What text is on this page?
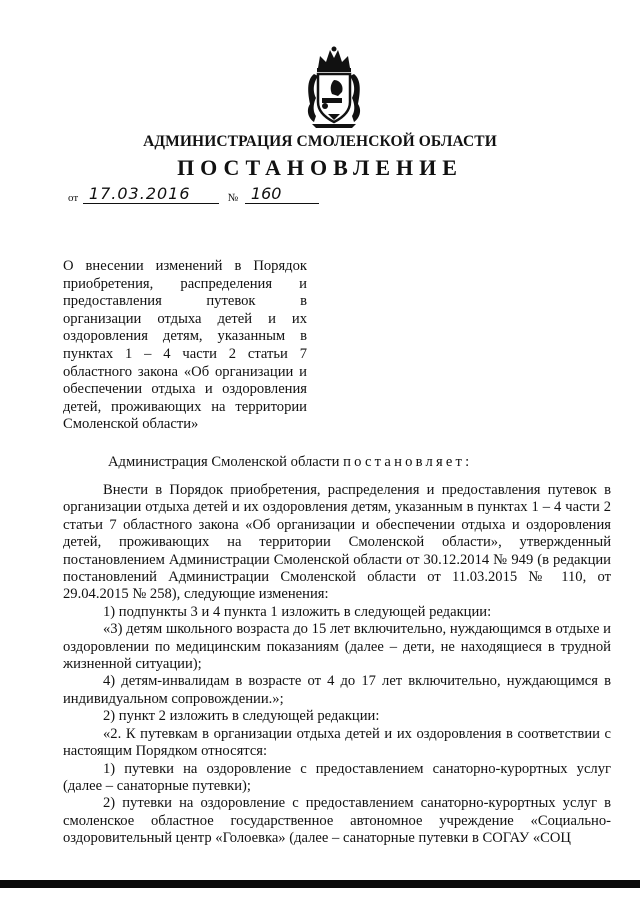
АДМИНИСТРАЦИЯ СМОЛЕНСКОЙ ОБЛАСТИ
ПОСТАНОВЛЕНИЕ
от 17.03.2016	№ 160
О внесении изменений в Порядок приобретения, распределения и предоставления путевок в организации отдыха детей и их оздоровления детям, указанным в пунктах 1 – 4 части 2 статьи 7 областного закона «Об организации и обеспечении отдыха и оздоровления детей, проживающих на территории Смоленской области»
Администрация Смоленской области постановляет:

Внести в Порядок приобретения, распределения и предоставления путевок в организации отдыха детей и их оздоровления детям, указанным в пунктах 1 – 4 части 2 статьи 7 областного закона «Об организации и обеспечении отдыха и оздоровления детей, проживающих на территории Смоленской области», утвержденный постановлением Администрации Смоленской области от 30.12.2014 № 949 (в редакции постановлений Администрации Смоленской области от 11.03.2015 № 110, от 29.04.2015 № 258), следующие изменения:

1) подпункты 3 и 4 пункта 1 изложить в следующей редакции:

«3) детям школьного возраста до 15 лет включительно, нуждающимся в отдыхе и оздоровлении по медицинским показаниям (далее – дети, не находящиеся в трудной жизненной ситуации);

4) детям-инвалидам в возрасте от 4 до 17 лет включительно, нуждающимся в индивидуальном сопровождении.»;

2) пункт 2 изложить в следующей редакции:

«2. К путевкам в организации отдыха детей и их оздоровления в соответствии с настоящим Порядком относятся:

1) путевки на оздоровление с предоставлением санаторно-курортных услуг (далее – санаторные путевки);

2) путевки на оздоровление с предоставлением санаторно-курортных услуг в смоленское областное государственное автономное учреждение «Социально-оздоровительный центр «Голоевка» (далее – санаторные путевки в СОГАУ «СОЦ
